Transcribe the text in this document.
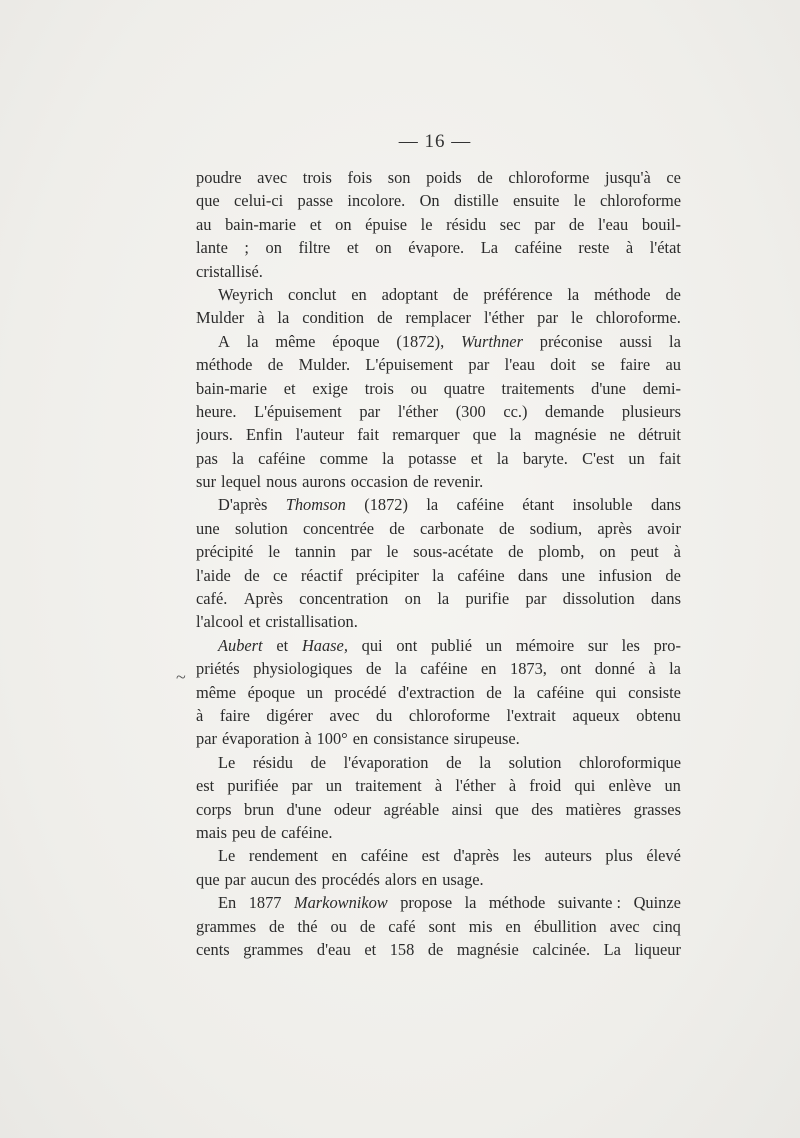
— 16 —
~
poudre avec trois fois son poids de chloroforme jusqu'à ce
que celui-ci passe incolore. On distille ensuite le chloroforme
au bain-marie et on épuise le résidu sec par de l'eau bouil-
lante ; on filtre et on évapore. La caféine reste à l'état
cristallisé.
Weyrich conclut en adoptant de préférence la méthode de
Mulder à la condition de remplacer l'éther par le chloroforme.
A la même époque (1872), Wurthner préconise aussi la
méthode de Mulder. L'épuisement par l'eau doit se faire au
bain-marie et exige trois ou quatre traitements d'une demi-
heure. L'épuisement par l'éther (300 cc.) demande plusieurs
jours. Enfin l'auteur fait remarquer que la magnésie ne détruit
pas la caféine comme la potasse et la baryte. C'est un fait
sur lequel nous aurons occasion de revenir.
D'après Thomson (1872) la caféine étant insoluble dans
une solution concentrée de carbonate de sodium, après avoir
précipité le tannin par le sous-acétate de plomb, on peut à
l'aide de ce réactif précipiter la caféine dans une infusion de
café. Après concentration on la purifie par dissolution dans
l'alcool et cristallisation.
Aubert et Haase, qui ont publié un mémoire sur les pro-
priétés physiologiques de la caféine en 1873, ont donné à la
même époque un procédé d'extraction de la caféine qui consiste
à faire digérer avec du chloroforme l'extrait aqueux obtenu
par évaporation à 100° en consistance sirupeuse.
Le résidu de l'évaporation de la solution chloroformique
est purifiée par un traitement à l'éther à froid qui enlève un
corps brun d'une odeur agréable ainsi que des matières grasses
mais peu de caféine.
Le rendement en caféine est d'après les auteurs plus élevé
que par aucun des procédés alors en usage.
En 1877 Markownikow propose la méthode suivante : Quinze
grammes de thé ou de café sont mis en ébullition avec cinq
cents grammes d'eau et 158 de magnésie calcinée. La liqueur
